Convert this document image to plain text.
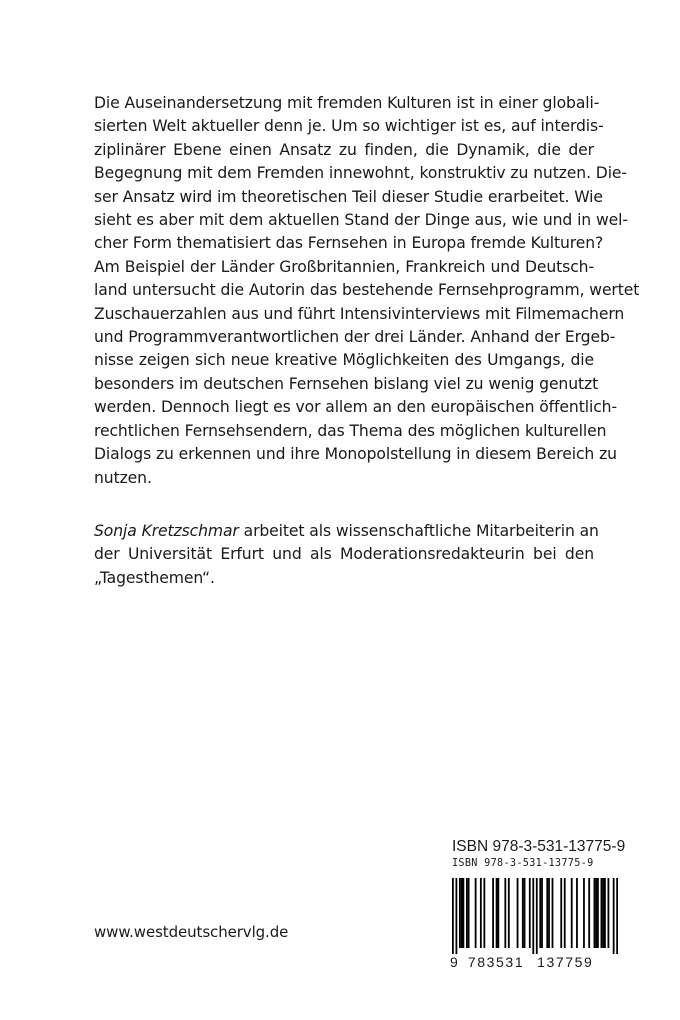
Die Auseinandersetzung mit fremden Kulturen ist in einer globali-
sierten Welt aktueller denn je. Um so wichtiger ist es, auf interdis-
ziplinärer Ebene einen Ansatz zu finden, die Dynamik, die der
Begegnung mit dem Fremden innewohnt, konstruktiv zu nutzen. Die-
ser Ansatz wird im theoretischen Teil dieser Studie erarbeitet. Wie
sieht es aber mit dem aktuellen Stand der Dinge aus, wie und in wel-
cher Form thematisiert das Fernsehen in Europa fremde Kulturen?
Am Beispiel der Länder Großbritannien, Frankreich und Deutsch-
land untersucht die Autorin das bestehende Fernsehprogramm, wertet
Zuschauerzahlen aus und führt Intensivinterviews mit Filmemachern
und Programmverantwortlichen der drei Länder. Anhand der Ergeb-
nisse zeigen sich neue kreative Möglichkeiten des Umgangs, die
besonders im deutschen Fernsehen bislang viel zu wenig genutzt
werden. Dennoch liegt es vor allem an den europäischen öffentlich-
rechtlichen Fernsehsendern, das Thema des möglichen kulturellen
Dialogs zu erkennen und ihre Monopolstellung in diesem Bereich zu
nutzen.
Sonja Kretzschmar arbeitet als wissenschaftliche Mitarbeiterin an
der Universität Erfurt und als Moderationsredakteurin bei den
„Tagesthemen“.
www.westdeutschervlg.de
ISBN 978-3-531-13775-9
ISBN 978-3-531-13775-9
9 783531 137759
